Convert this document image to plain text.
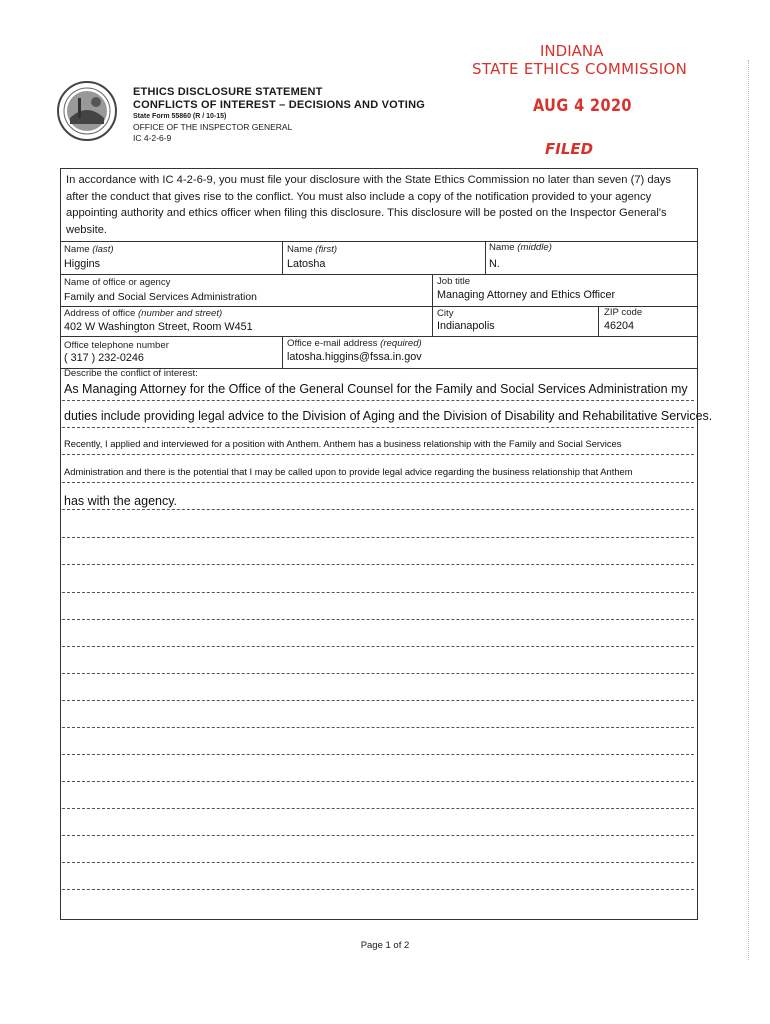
ETHICS DISCLOSURE STATEMENT
CONFLICTS OF INTEREST – DECISIONS AND VOTING
State Form 55860 (R / 10-15)
OFFICE OF THE INSPECTOR GENERAL
IC 4-2-6-9
INDIANA
STATE ETHICS COMMISSION
AUG 4 2020
FILED
In accordance with IC 4-2-6-9, you must file your disclosure with the State Ethics Commission no later than seven (7) days after the conduct that gives rise to the conflict. You must also include a copy of the notification provided to your agency appointing authority and ethics officer when filing this disclosure. This disclosure will be posted on the Inspector General's website.
Name (last)
Higgins
Name (first)
Latosha
Name (middle)
N.
Name of office or agency
Family and Social Services Administration
Job title
Managing Attorney and Ethics Officer
Address of office (number and street)
402 W Washington Street, Room W451
City
Indianapolis
ZIP code
46204
Office telephone number
( 317 ) 232-0246
Office e-mail address (required)
latosha.higgins@fssa.in.gov
Describe the conflict of interest:
As Managing Attorney for the Office of the General Counsel for the Family and Social Services Administration my
duties include providing legal advice to the Division of Aging and the Division of Disability and Rehabilitative Services.
Recently, I applied and interviewed for a position with Anthem. Anthem has a business relationship with the Family and Social Services
Administration and there is the potential that I may be called upon to provide legal advice regarding the business relationship that Anthem
has with the agency.
Page 1 of 2
